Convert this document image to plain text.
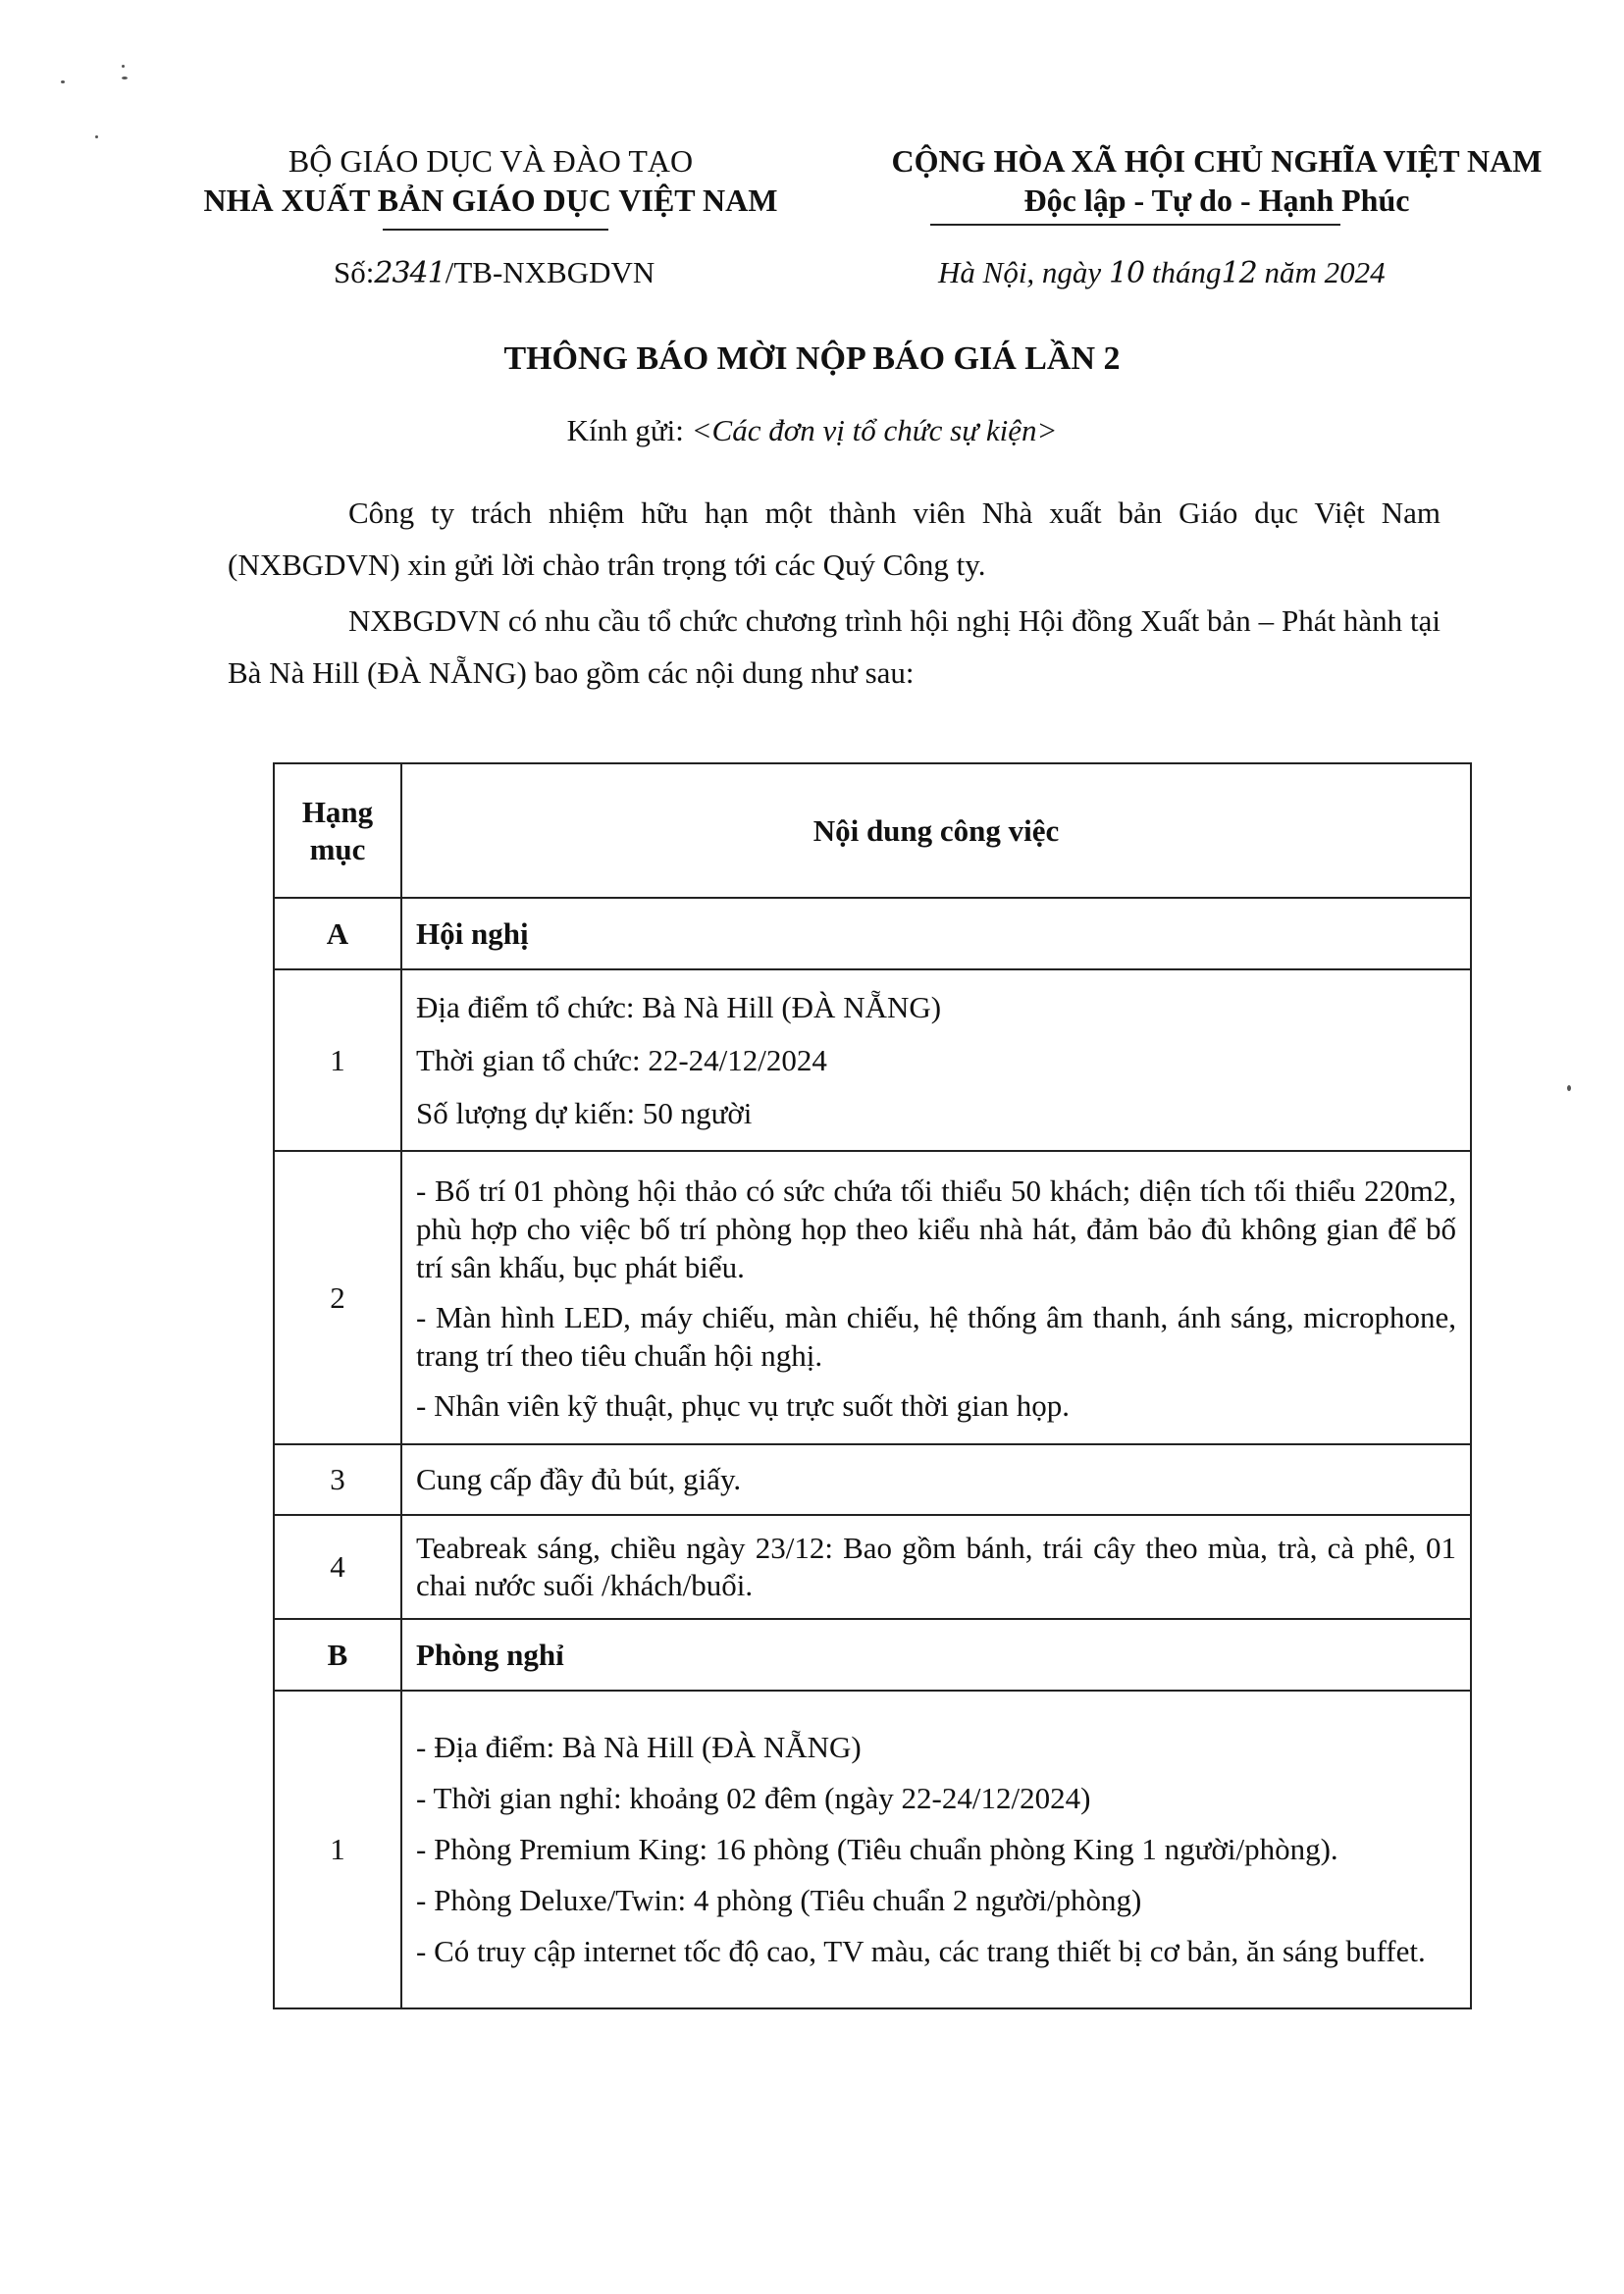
BỘ GIÁO DỤC VÀ ĐÀO TẠO
NHÀ XUẤT BẢN GIÁO DỤC VIỆT NAM
CỘNG HÒA XÃ HỘI CHỦ NGHĨA VIỆT NAM
Độc lập - Tự do - Hạnh Phúc
Số:2341/TB-NXBGDVN	Hà Nội, ngày 10 tháng12 năm 2024
THÔNG BÁO MỜI NỘP BÁO GIÁ LẦN 2
Kính gửi: <Các đơn vị tổ chức sự kiện>
Công ty trách nhiệm hữu hạn một thành viên Nhà xuất bản Giáo dục Việt Nam (NXBGDVN) xin gửi lời chào trân trọng tới các Quý Công ty.
NXBGDVN có nhu cầu tổ chức chương trình hội nghị Hội đồng Xuất bản – Phát hành tại Bà Nà Hill (ĐÀ NẴNG) bao gồm các nội dung như sau:
Hạng mục	Nội dung công việc
A	Hội nghị
1	Địa điểm tổ chức: Bà Nà Hill (ĐÀ NẴNG)

Thời gian tổ chức: 22-24/12/2024

Số lượng dự kiến: 50 người

2	- Bố trí 01 phòng hội thảo có sức chứa tối thiểu 50 khách; diện tích tối thiểu 220m2, phù hợp cho việc bố trí phòng họp theo kiểu nhà hát, đảm bảo đủ không gian để bố trí sân khấu, bục phát biểu.

- Màn hình LED, máy chiếu, màn chiếu, hệ thống âm thanh, ánh sáng, microphone, trang trí theo tiêu chuẩn hội nghị.

- Nhân viên kỹ thuật, phục vụ trực suốt thời gian họp.

3	Cung cấp đầy đủ bút, giấy.
4	Teabreak sáng, chiều ngày 23/12: Bao gồm bánh, trái cây theo mùa, trà, cà phê, 01 chai nước suối /khách/buổi.
B	Phòng nghỉ
1	- Địa điểm: Bà Nà Hill (ĐÀ NẴNG)

- Thời gian nghỉ: khoảng 02 đêm (ngày 22-24/12/2024)

- Phòng Premium King: 16 phòng (Tiêu chuẩn phòng King 1 người/phòng).

- Phòng Deluxe/Twin: 4 phòng (Tiêu chuẩn 2 người/phòng)

- Có truy cập internet tốc độ cao, TV màu, các trang thiết bị cơ bản, ăn sáng buffet.
